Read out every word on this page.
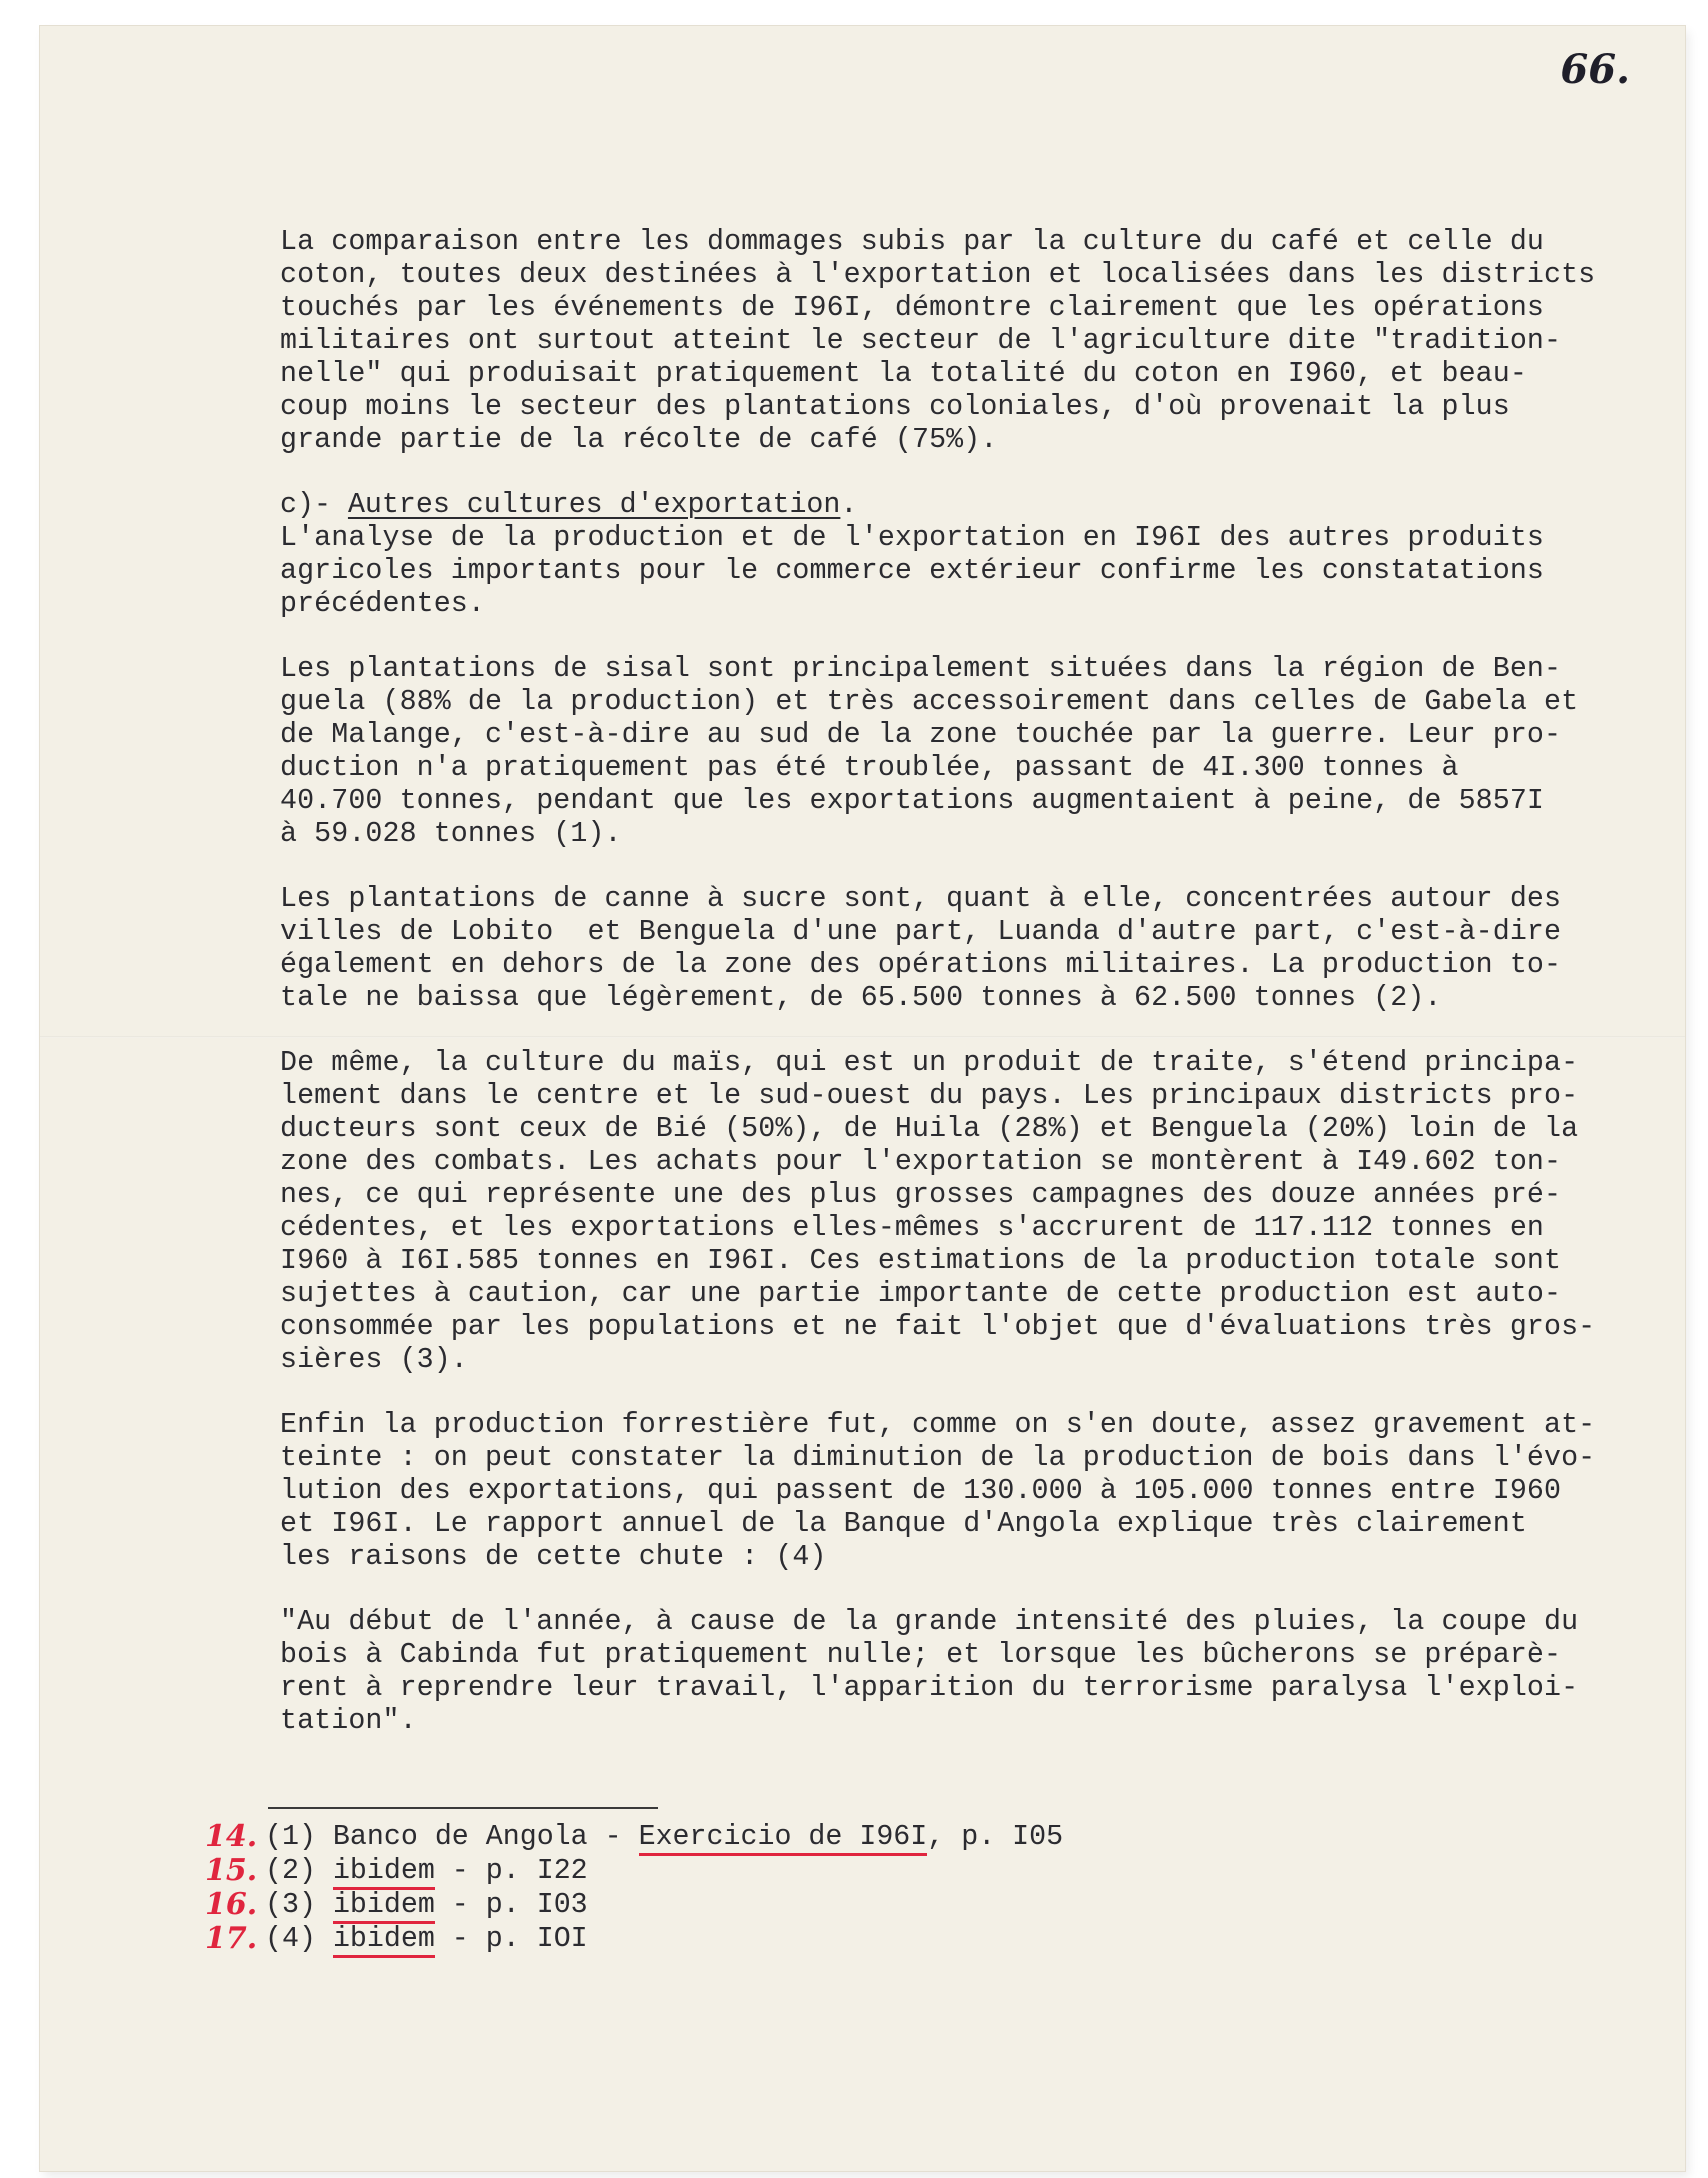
66.

La comparaison entre les dommages subis par la culture du café et celle du

coton, toutes deux destinées à l'exportation et localisées dans les districts

touchés par les événements de I96I, démontre clairement que les opérations

militaires ont surtout atteint le secteur de l'agriculture dite "tradition-

nelle" qui produisait pratiquement la totalité du coton en I960, et beau-

coup moins le secteur des plantations coloniales, d'où provenait la plus

grande partie de la récolte de café (75%).

c)- Autres cultures d'exportation.

L'analyse de la production et de l'exportation en I96I des autres produits

agricoles importants pour le commerce extérieur confirme les constatations

précédentes.

Les plantations de sisal sont principalement situées dans la région de Ben-

guela (88% de la production) et très accessoirement dans celles de Gabela et

de Malange, c'est-à-dire au sud de la zone touchée par la guerre. Leur pro-

duction n'a pratiquement pas été troublée, passant de 4I.300 tonnes à

40.700 tonnes, pendant que les exportations augmentaient à peine, de 5857I

à 59.028 tonnes (1).

Les plantations de canne à sucre sont, quant à elle, concentrées autour des

villes de Lobito  et Benguela d'une part, Luanda d'autre part, c'est-à-dire

également en dehors de la zone des opérations militaires. La production to-

tale ne baissa que légèrement, de 65.500 tonnes à 62.500 tonnes (2).

De même, la culture du maïs, qui est un produit de traite, s'étend principa-

lement dans le centre et le sud-ouest du pays. Les principaux districts pro-

ducteurs sont ceux de Bié (50%), de Huila (28%) et Benguela (20%) loin de la

zone des combats. Les achats pour l'exportation se montèrent à I49.602 ton-

nes, ce qui représente une des plus grosses campagnes des douze années pré-

cédentes, et les exportations elles-mêmes s'accrurent de 117.112 tonnes en

I960 à I6I.585 tonnes en I96I. Ces estimations de la production totale sont

sujettes à caution, car une partie importante de cette production est auto-

consommée par les populations et ne fait l'objet que d'évaluations très gros-

sières (3).

Enfin la production forrestière fut, comme on s'en doute, assez gravement at-

teinte : on peut constater la diminution de la production de bois dans l'évo-

lution des exportations, qui passent de 130.000 à 105.000 tonnes entre I960

et I96I. Le rapport annuel de la Banque d'Angola explique très clairement

les raisons de cette chute : (4)

"Au début de l'année, à cause de la grande intensité des pluies, la coupe du

bois à Cabinda fut pratiquement nulle; et lorsque les bûcherons se préparè-

rent à reprendre leur travail, l'apparition du terrorisme paralysa l'exploi-

tation".

14. (1) Banco de Angola - Exercicio de I96I, p. I05

15. (2) ibidem - p. I22

16. (3) ibidem - p. I03

17. (4) ibidem - p. IOI
